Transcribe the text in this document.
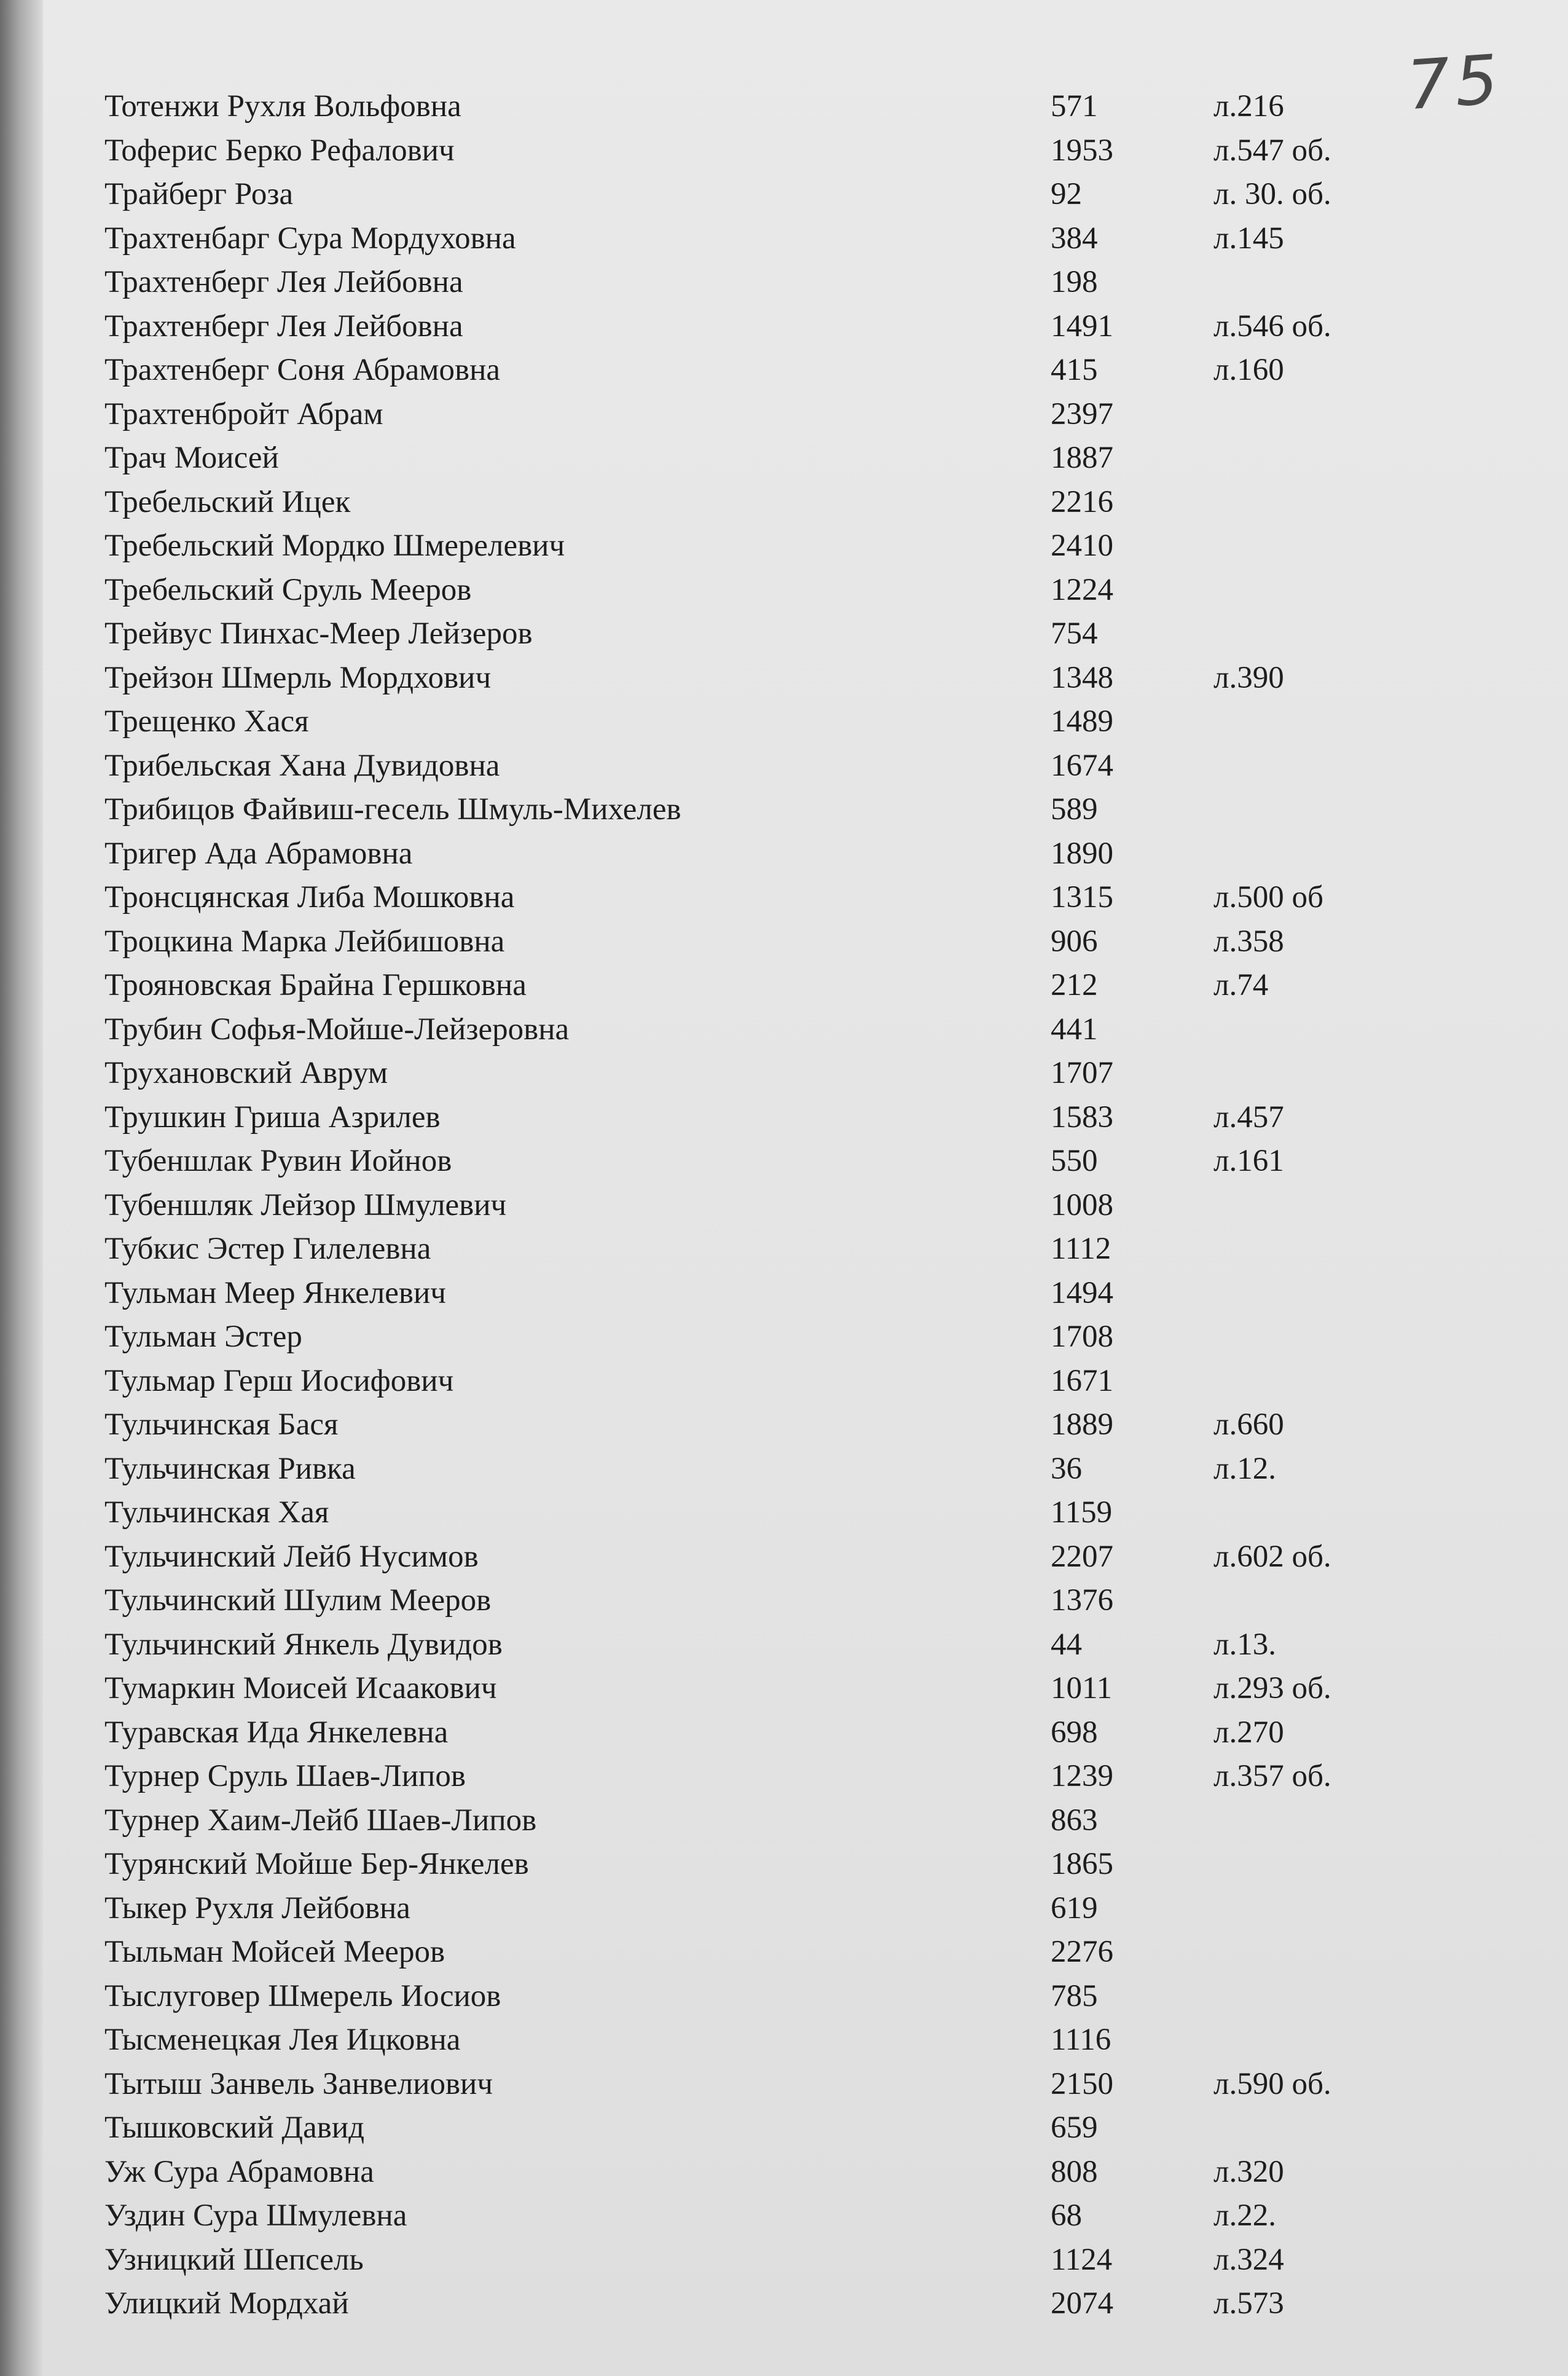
75
Тотенжи Рухля Вольфовна	571	л.216
Тоферис Берко Рефалович	1953	л.547 об.
Трайберг Роза	92	л. 30. об.
Трахтенбарг Сура Мордуховна	384	л.145
Трахтенберг Лея Лейбовна	198
Трахтенберг Лея Лейбовна	1491	л.546 об.
Трахтенберг Соня Абрамовна	415	л.160
Трахтенбройт Абрам	2397
Трач Моисей	1887
Требельский Ицек	2216
Требельский Мордко Шмерелевич	2410
Требельский Сруль Мееров	1224
Трейвус Пинхас-Меер Лейзеров	754
Трейзон Шмерль Мордхович	1348	л.390
Трещенко Хася	1489
Трибельская Хана Дувидовна	1674
Трибицов Файвиш-гесель Шмуль-Михелев	589
Тригер Ада Абрамовна	1890
Тронсцянская Либа Мошковна	1315	л.500 об
Троцкина Марка Лейбишовна	906	л.358
Трояновская Брайна Гершковна	212	л.74
Трубин Софья-Мойше-Лейзеровна	441
Трухановский Аврум	1707
Трушкин Гриша Азрилев	1583	л.457
Тубеншлак Рувин Иойнов	550	л.161
Тубеншляк Лейзор Шмулевич	1008
Тубкис Эстер Гилелевна	1112
Тульман Меер Янкелевич	1494
Тульман Эстер	1708
Тульмар Герш Иосифович	1671
Тульчинская Бася	1889	л.660
Тульчинская Ривка	36	л.12.
Тульчинская Хая	1159
Тульчинский Лейб Нусимов	2207	л.602 об.
Тульчинский Шулим Мееров	1376
Тульчинский Янкель Дувидов	44	л.13.
Тумаркин Моисей Исаакович	1011	л.293 об.
Туравская Ида Янкелевна	698	л.270
Турнер Сруль Шаев-Липов	1239	л.357 об.
Турнер Хаим-Лейб Шаев-Липов	863
Турянский Мойше Бер-Янкелев	1865
Тыкер Рухля Лейбовна	619
Тыльман Мойсей Мееров	2276
Тыслуговер Шмерель Иосиов	785
Тысменецкая Лея Ицковна	1116
Тытыш Занвель Занвелиович	2150	л.590 об.
Тышковский Давид	659
Уж Сура Абрамовна	808	л.320
Уздин Сура Шмулевна	68	л.22.
Узницкий Шепсель	1124	л.324
Улицкий Мордхай	2074	л.573
